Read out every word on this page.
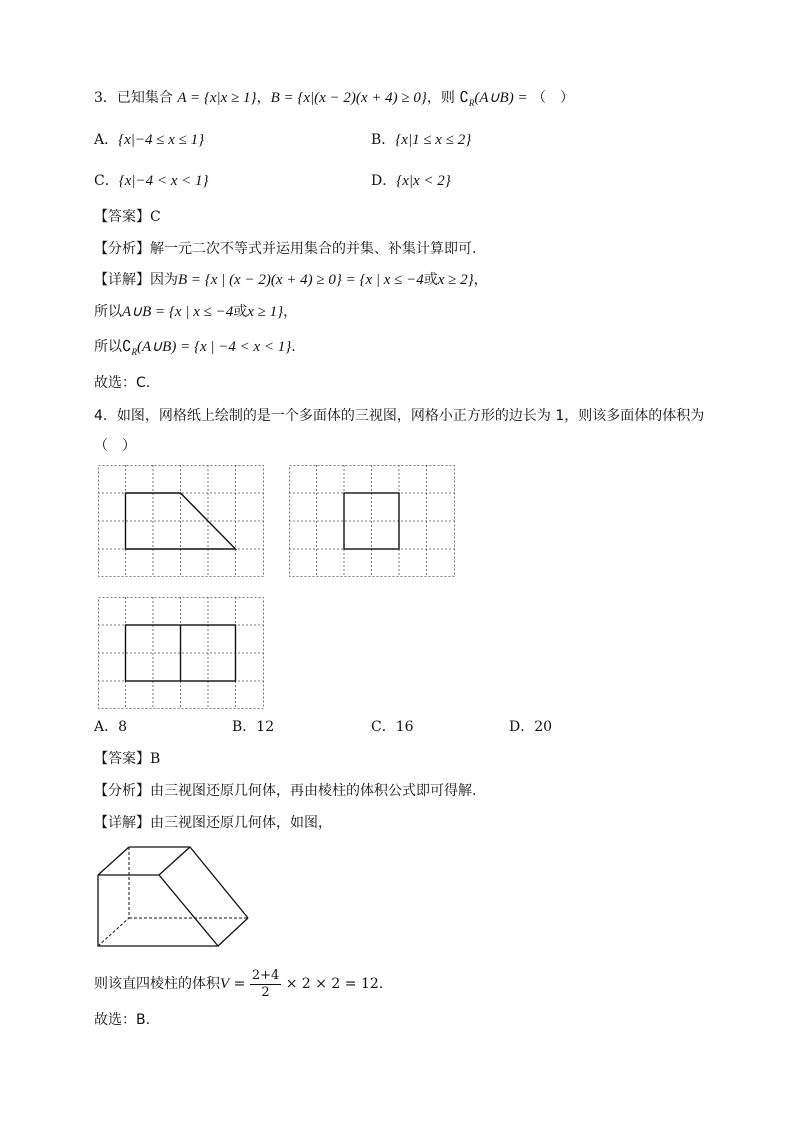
3．已知集合 A = {x|x ≥ 1}，B = {x|(x − 2)(x + 4) ≥ 0}，则 $∁_R(A\cup B)$ = （　）
A．{x|−4 ≤ x ≤ 1}	B．{x|1 ≤ x ≤ 2}
C．{x|−4 < x < 1}	D．{x|x < 2}
【答案】C
【分析】解一元二次不等式并运用集合的并集、补集计算即可.
【详解】因为B = {x | (x − 2)(x + 4) ≥ 0} = {x | x ≤ −4或x ≥ 2}，
所以A∪B = {x | x ≤ −4或x ≥ 1}，
所以$∁_R(A\cup B) = \{x$ | −4 < x < 1}.
故选：C.
4．如图，网格纸上绘制的是一个多面体的三视图，网格小正方形的边长为 1，则该多面体的体积为
（　）
A．8	B．12	C．16	D．20
【答案】B
【分析】由三视图还原几何体，再由棱柱的体积公式即可得解.
【详解】由三视图还原几何体，如图，
则该直四棱柱的体积$V = \frac{2+4}{2} \times 2 \times 2 = 12$.
故选：B.
